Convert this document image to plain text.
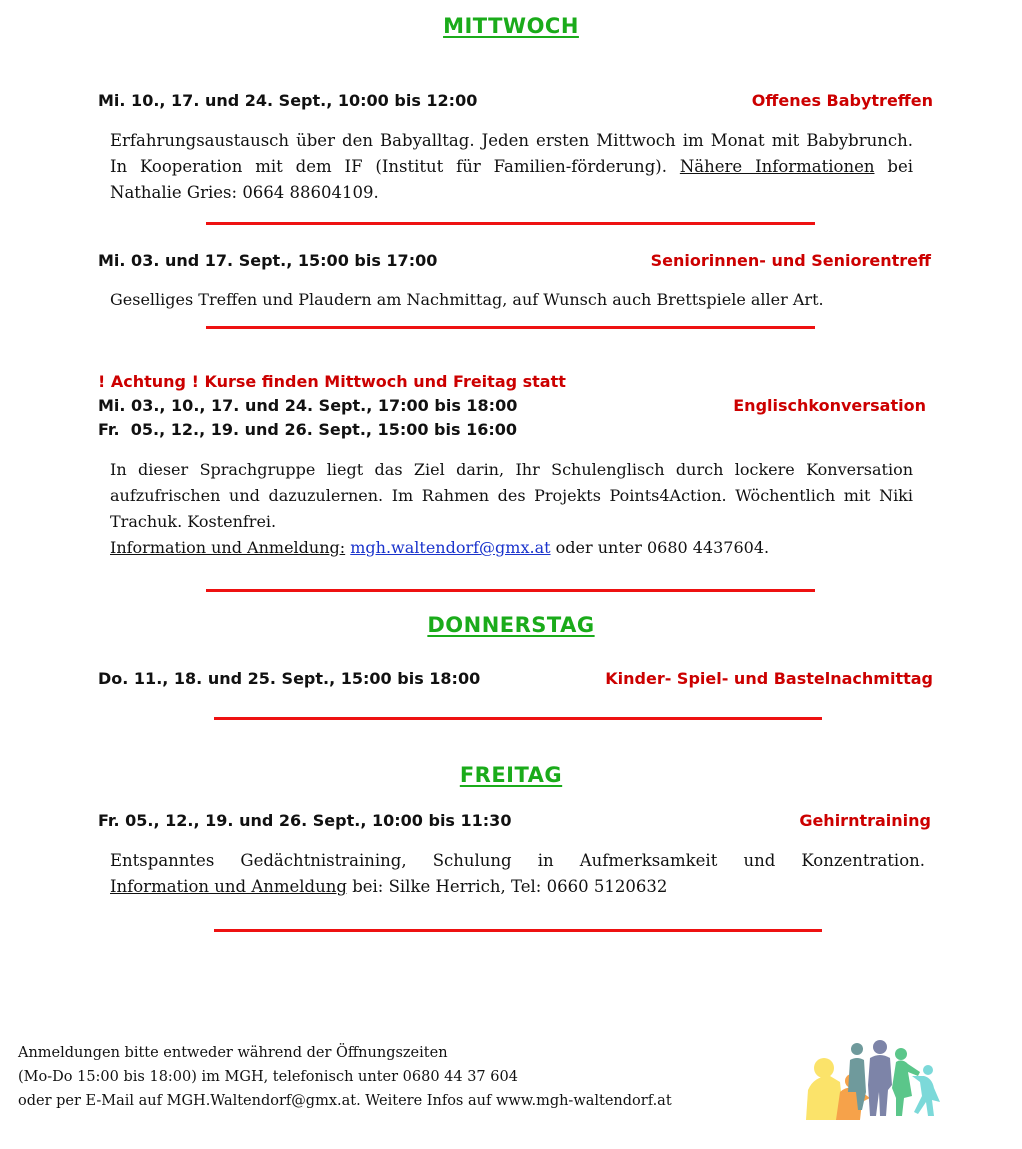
MITTWOCH
Mi. 10., 17. und 24. Sept., 10:00 bis 12:00	Offenes Babytreffen
Erfahrungsaustausch über den Babyalltag. Jeden ersten Mittwoch im Monat mit Babybrunch. In Kooperation mit dem IF (Institut für Familien-förderung). Nähere Informationen bei Nathalie Gries: 0664 88604109.
Mi. 03. und 17. Sept., 15:00 bis 17:00	Seniorinnen- und Seniorentreff
Geselliges Treffen und Plaudern am Nachmittag, auf Wunsch auch Brettspiele aller Art.
! Achtung ! Kurse finden Mittwoch und Freitag statt
Mi. 03., 10., 17. und 24. Sept., 17:00 bis 18:00	Englischkonversation
Fr.  05., 12., 19. und 26. Sept., 15:00 bis 16:00
In dieser Sprachgruppe liegt das Ziel darin, Ihr Schulenglisch durch lockere Konversation aufzufrischen und dazuzulernen. Im Rahmen des Projekts Points4Action. Wöchentlich mit Niki Trachuk. Kostenfrei.
Information und Anmeldung: mgh.waltendorf@gmx.at oder unter 0680 4437604.
DONNERSTAG
Do. 11., 18. und 25. Sept., 15:00 bis 18:00	Kinder- Spiel- und Bastelnachmittag
FREITAG
Fr. 05., 12., 19. und 26. Sept., 10:00 bis 11:30	Gehirntraining
Entspanntes Gedächtnistraining, Schulung in Aufmerksamkeit und Konzentration.
Information und Anmeldung bei: Silke Herrich, Tel: 0660 5120632
Anmeldungen bitte entweder während der Öffnungszeiten
(Mo-Do 15:00 bis 18:00) im MGH, telefonisch unter 0680 44 37 604
oder per E-Mail auf MGH.Waltendorf@gmx.at. Weitere Infos auf www.mgh-waltendorf.at
